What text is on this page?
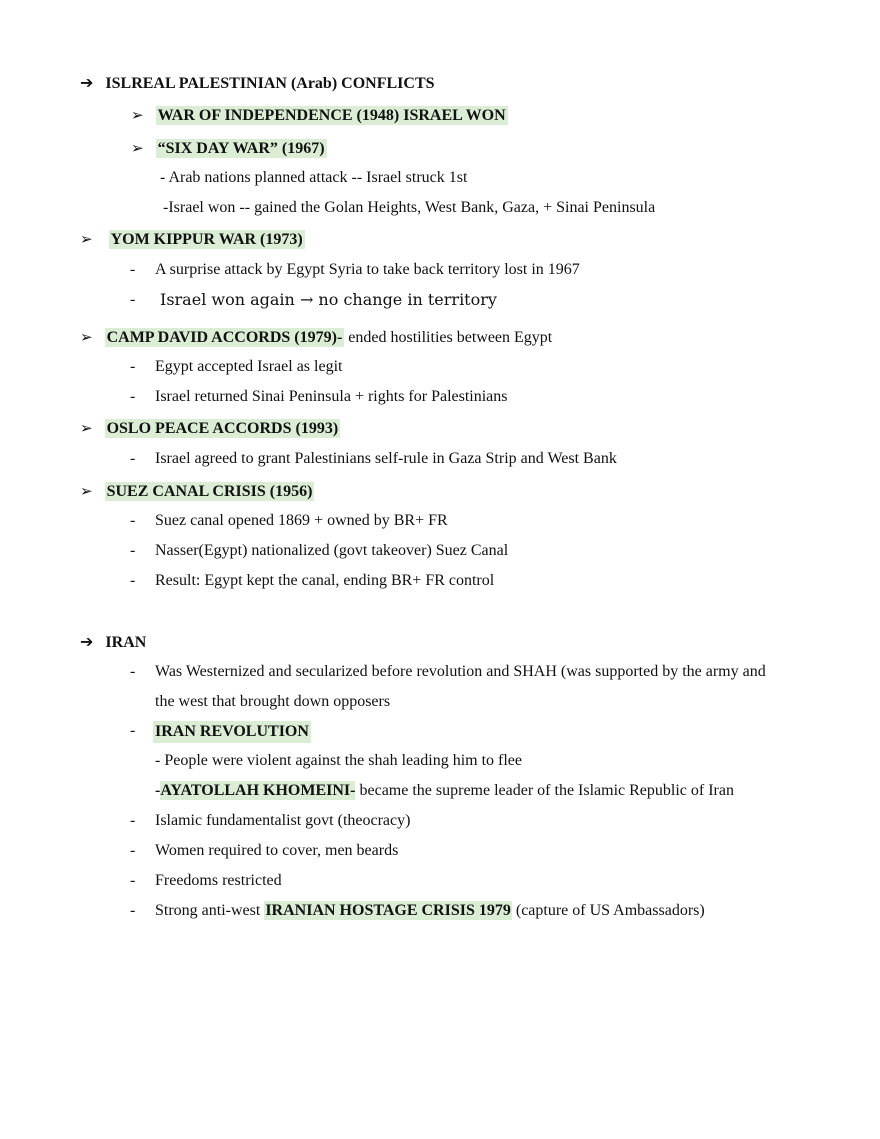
➔ ISLREAL PALESTINIAN (Arab) CONFLICTS
➢ WAR OF INDEPENDENCE (1948) ISRAEL WON
➢ “SIX DAY WAR” (1967)
- Arab nations planned attack -- Israel struck 1st
-Israel won -- gained the Golan Heights, West Bank, Gaza, + Sinai Peninsula
➢ YOM KIPPUR WAR (1973)
- A surprise attack by Egypt Syria to take back territory lost in 1967
- Israel won again → no change in territory
➢ CAMP DAVID ACCORDS (1979)- ended hostilities between Egypt
- Egypt accepted Israel as legit
- Israel returned Sinai Peninsula + rights for Palestinians
➢ OSLO PEACE ACCORDS (1993)
- Israel agreed to grant Palestinians self-rule in Gaza Strip and West Bank
➢ SUEZ CANAL CRISIS (1956)
- Suez canal opened 1869 + owned by BR+ FR
- Nasser(Egypt) nationalized (govt takeover) Suez Canal
- Result: Egypt kept the canal, ending BR+ FR control
➔ IRAN
- Was Westernized and secularized before revolution and SHAH (was supported by the army and
the west that brought down opposers
- IRAN REVOLUTION
- People were violent against the shah leading him to flee
-AYATOLLAH KHOMEINI- became the supreme leader of the Islamic Republic of Iran
- Islamic fundamentalist govt (theocracy)
- Women required to cover, men beards
- Freedoms restricted
- Strong anti-west IRANIAN HOSTAGE CRISIS 1979 (capture of US Ambassadors)
